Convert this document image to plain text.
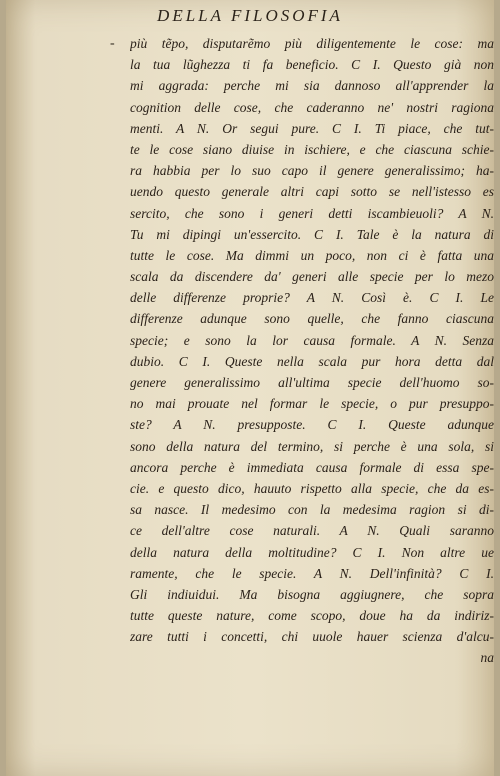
DELLA FILOSOFIA
- più tẽpo, disputarẽmo più diligentemente le cose: ma
la tua lũghezza ti fa beneficio. C I. Questo già non
mi aggrada: perche mi sia dannoso all'apprender la
cognition delle cose, che caderanno ne' nostri ragiona
menti. A N. Or segui pure. C I. Ti piace, che tut-
te le cose siano diuise in ischiere, e che ciascuna schie-
ra habbia per lo suo capo il genere generalissimo; ha-
uendo questo generale altri capi sotto se nell'istesso es
sercito, che sono i generi detti iscambieuoli? A N.
Tu mi dipingi un'essercito. C I. Tale è la natura di
tutte le cose. Ma dimmi un poco, non ci è fatta una
scala da discendere da' generi alle specie per lo mezo
delle differenze proprie? A N. Così è. C I. Le
differenze adunque sono quelle, che fanno ciascuna
specie; e sono la lor causa formale. A N. Senza
dubio. C I. Queste nella scala pur hora detta dal
genere generalissimo all'ultima specie dell'huomo so-
no mai prouate nel formar le specie, o pur presuppo-
ste? A N. presupposte. C I. Queste adunque
sono della natura del termino, si perche è una sola, si
ancora perche è immediata causa formale di essa spe-
cie. e questo dico, hauuto rispetto alla specie, che da es-
sa nasce. Il medesimo con la medesima ragion si di-
ce dell'altre cose naturali. A N. Quali saranno
della natura della moltitudine? C I. Non altre ue
ramente, che le specie. A N. Dell'infinità? C I.
Gli indiuidui. Ma bisogna aggiugnere, che sopra
tutte queste nature, come scopo, doue ha da indiriz-
zare tutti i concetti, chi uuole hauer scienza d'alcu-
na
